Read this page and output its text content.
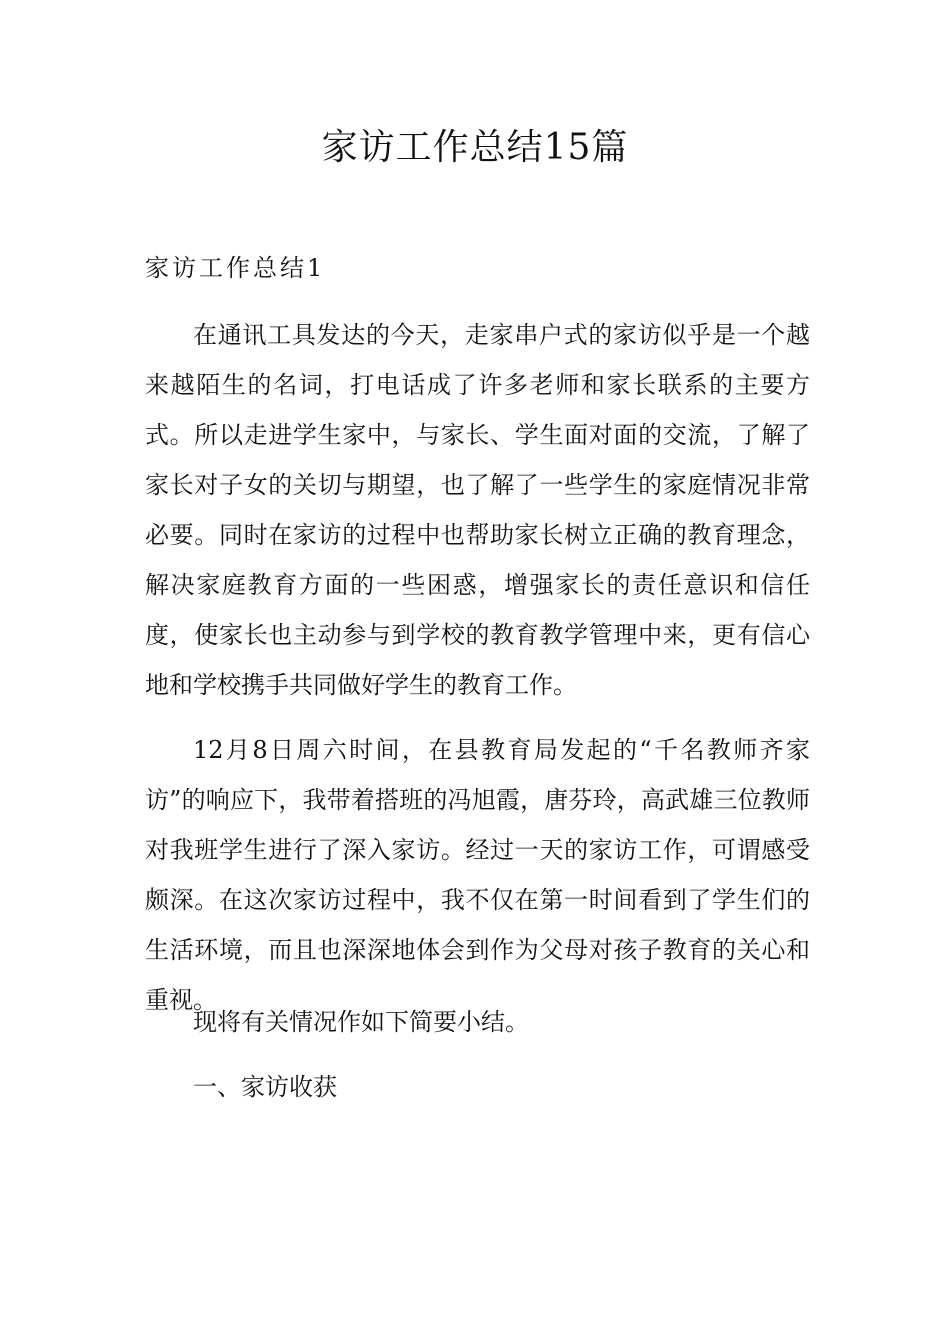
家访工作总结15篇
家访工作总结1

在通讯工具发达的今天，走家串户式的家访似乎是一个越来越陌生的名词，打电话成了许多老师和家长联系的主要方式。所以走进学生家中，与家长、学生面对面的交流，了解了家长对子女的关切与期望，也了解了一些学生的家庭情况非常必要。同时在家访的过程中也帮助家长树立正确的教育理念，解决家庭教育方面的一些困惑，增强家长的责任意识和信任度，使家长也主动参与到学校的教育教学管理中来，更有信心地和学校携手共同做好学生的教育工作。

12月8日周六时间，在县教育局发起的“千名教师齐家访”的响应下，我带着搭班的冯旭霞，唐芬玲，高武雄三位教师对我班学生进行了深入家访。经过一天的家访工作，可谓感受颇深。在这次家访过程中，我不仅在第一时间看到了学生们的生活环境，而且也深深地体会到作为父母对孩子教育的关心和重视。

现将有关情况作如下简要小结。

一、家访收获
